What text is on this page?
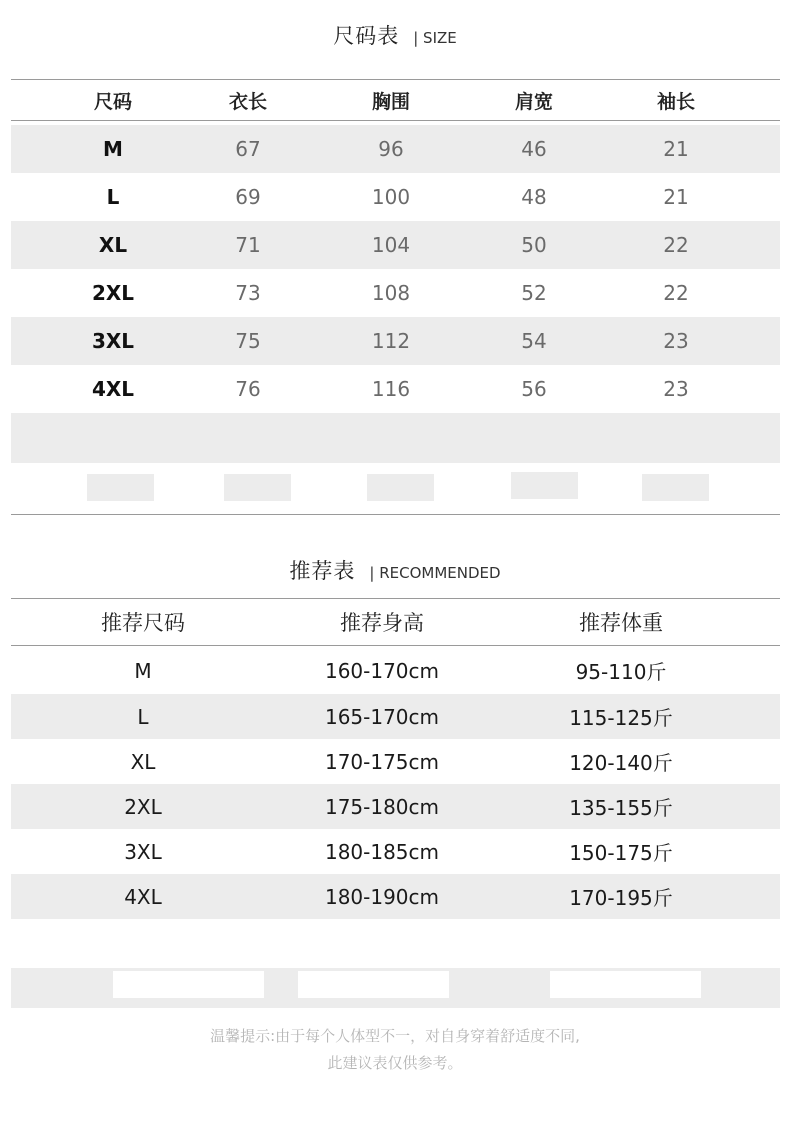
尺码表 | SIZE
尺码	衣长	胸围	肩宽	袖长
M	67	96	46	21
L	69	100	48	21
XL	71	104	50	22
2XL	73	108	52	22
3XL	75	112	54	23
4XL	76	116	56	23
推荐表 | RECOMMENDED
推荐尺码	推荐身高	推荐体重
M	160-170cm	95-110斤
L	165-170cm	115-125斤
XL	170-175cm	120-140斤
2XL	175-180cm	135-155斤
3XL	180-185cm	150-175斤
4XL	180-190cm	170-195斤
温馨提示:由于每个人体型不一，对自身穿着舒适度不同,
此建议表仅供参考。
